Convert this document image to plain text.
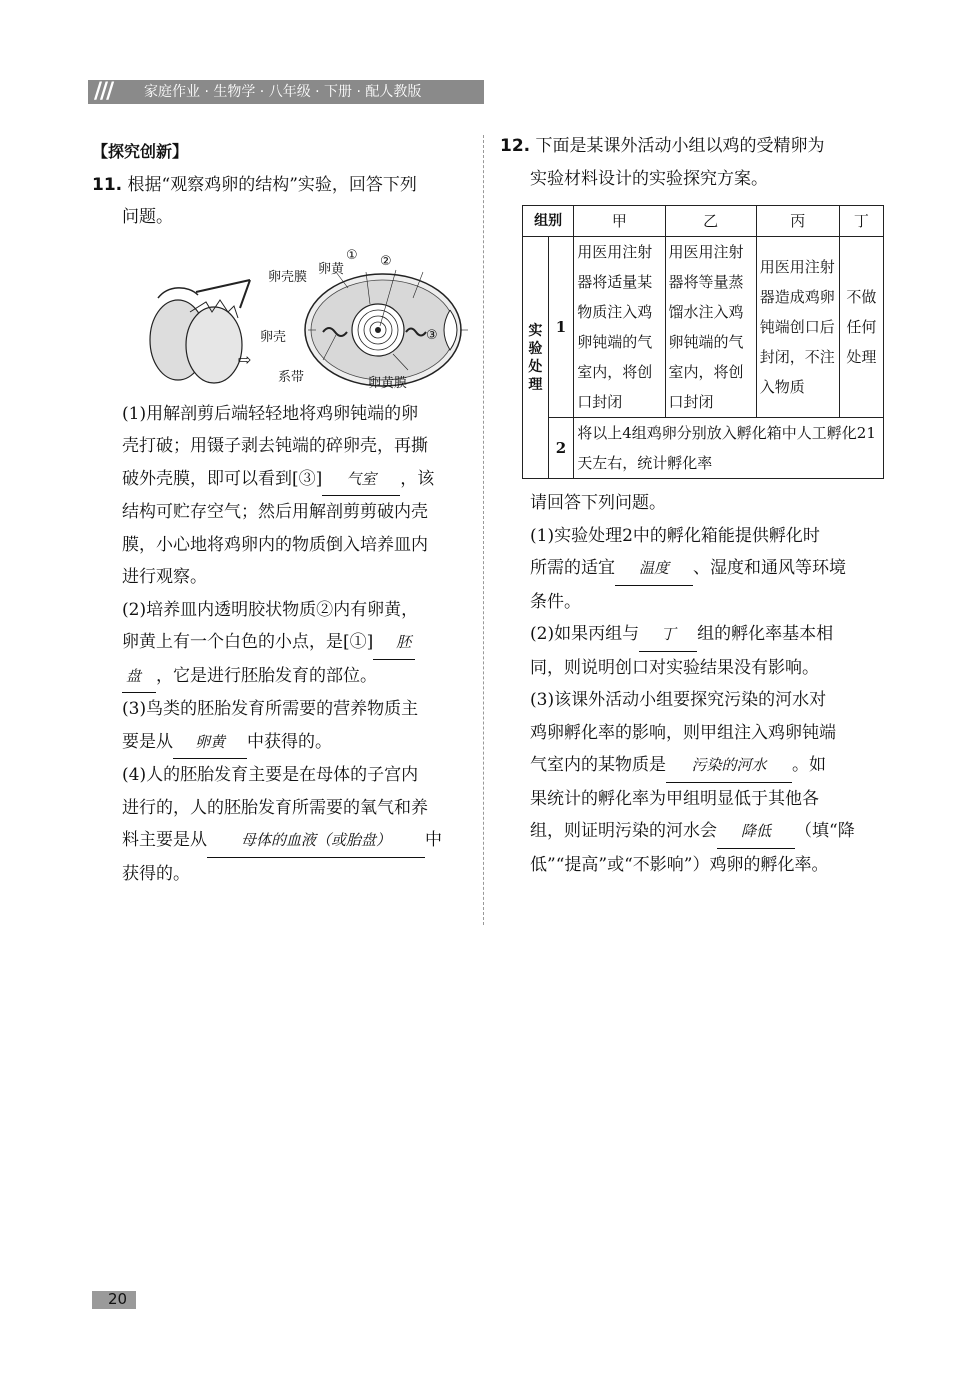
/// 家庭作业 · 生物学 · 八年级 · 下册 · 配人教版
【探究创新】
11. 根据“观察鸡卵的结构”实验，回答下列
问题。
卵壳膜
卵黄
① ②
③
卵壳
⇨
系带	卵黄膜
(1)用解剖剪后端轻轻地将鸡卵钝端的卵
壳打破；用镊子剥去钝端的碎卵壳，再撕
破外壳膜，即可以看到[③] 气室 ，该
结构可贮存空气；然后用解剖剪剪破内壳
膜，小心地将鸡卵内的物质倒入培养皿内
进行观察。
(2)培养皿内透明胶状物质②内有卵黄，
卵黄上有一个白色的小点，是[①] 胚
盘 ，它是进行胚胎发育的部位。
(3)鸟类的胚胎发育所需要的营养物质主
要是从 卵黄 中获得的。
(4)人的胚胎发育主要是在母体的子宫内
进行的，人的胚胎发育所需要的氧气和养
料主要是从 母体的血液（或胎盘） 中
获得的。
12. 下面是某课外活动小组以鸡的受精卵为
实验材料设计的实验探究方案。
组别		甲	乙	丙	丁
实验处理	1	用医用注射器将适量某物质注入鸡卵钝端的气室内，将创口封闭	用医用注射器将等量蒸馏水注入鸡卵钝端的气室内，将创口封闭	用医用注射器造成鸡卵钝端创口后封闭，不注入物质	不做任何处理
	2	将以上4组鸡卵分别放入孵化箱中人工孵化21天左右，统计孵化率			
请回答下列问题。
(1)实验处理2中的孵化箱能提供孵化时
所需的适宜 温度 、湿度和通风等环境
条件。
(2)如果丙组与 丁 组的孵化率基本相
同，则说明创口对实验结果没有影响。
(3)该课外活动小组要探究污染的河水对
鸡卵孵化率的影响，则甲组注入鸡卵钝端
气室内的某物质是 污染的河水 。如
果统计的孵化率为甲组明显低于其他各
组，则证明污染的河水会 降低 （填“降
低”“提高”或“不影响”）鸡卵的孵化率。
20
